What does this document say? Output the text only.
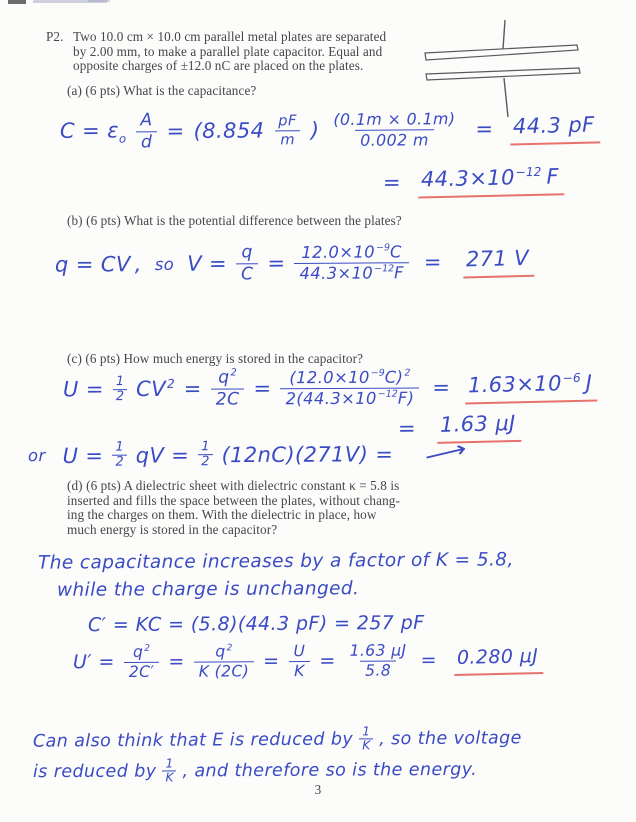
P2. Two 10.0 cm × 10.0 cm parallel metal plates are separated
by 2.00 mm, to make a parallel plate capacitor. Equal and
opposite charges of ±12.0 nC are placed on the plates.
(a) (6 pts) What is the capacitance?
$C = \varepsilon_o \frac{A}{d} = (8.854 \frac{pF}{m}$ ) $\frac{(0.1m \times 0.1m)}{0.002 m} = 44.3$ pF
= $44.3\times 10^{-12}$ F
(b) (6 pts) What is the potential difference between the plates?
q = CV , so $V = \frac{q}{C} = \frac{12.0\times 10^{-9}C}{44.3\times 10^{-12}F} = 271$ V
(c) (6 pts) How much energy is stored in the capacitor?
$U = \frac{1}{2} CV^2 = \frac{q^2}{2C} = \frac{(12.0\times 10^{-9}C)^2}{2(44.3\times 10^{-12}F)} = 1.63\times 10^{-6}$ J
= 1.63 μJ
or $U = \frac{1}{2}$ qV = $\frac{1}{2} (12nC)(271V)$ = ⟶
(d) (6 pts) A dielectric sheet with dielectric constant κ = 5.8 is
inserted and fills the space between the plates, without chang-
ing the charges on them. With the dielectric in place, how
much energy is stored in the capacitor?
The capacitance increases by a factor of K = 5.8,
while the charge is unchanged.
C′ = KC = (5.8)(44.3 pF) = 257 pF
$U' = \frac{q^2}{2C'} = \frac{q^2}{K (2C)} = \frac{U}{K} = \frac{1.63 \mu J}{5.8} = 0.280$ μJ
Can also think that E is reduced by $\frac{1}{K}$ , so the voltage
is reduced by $\frac{1}{K}$ , and therefore so is the energy.
3
